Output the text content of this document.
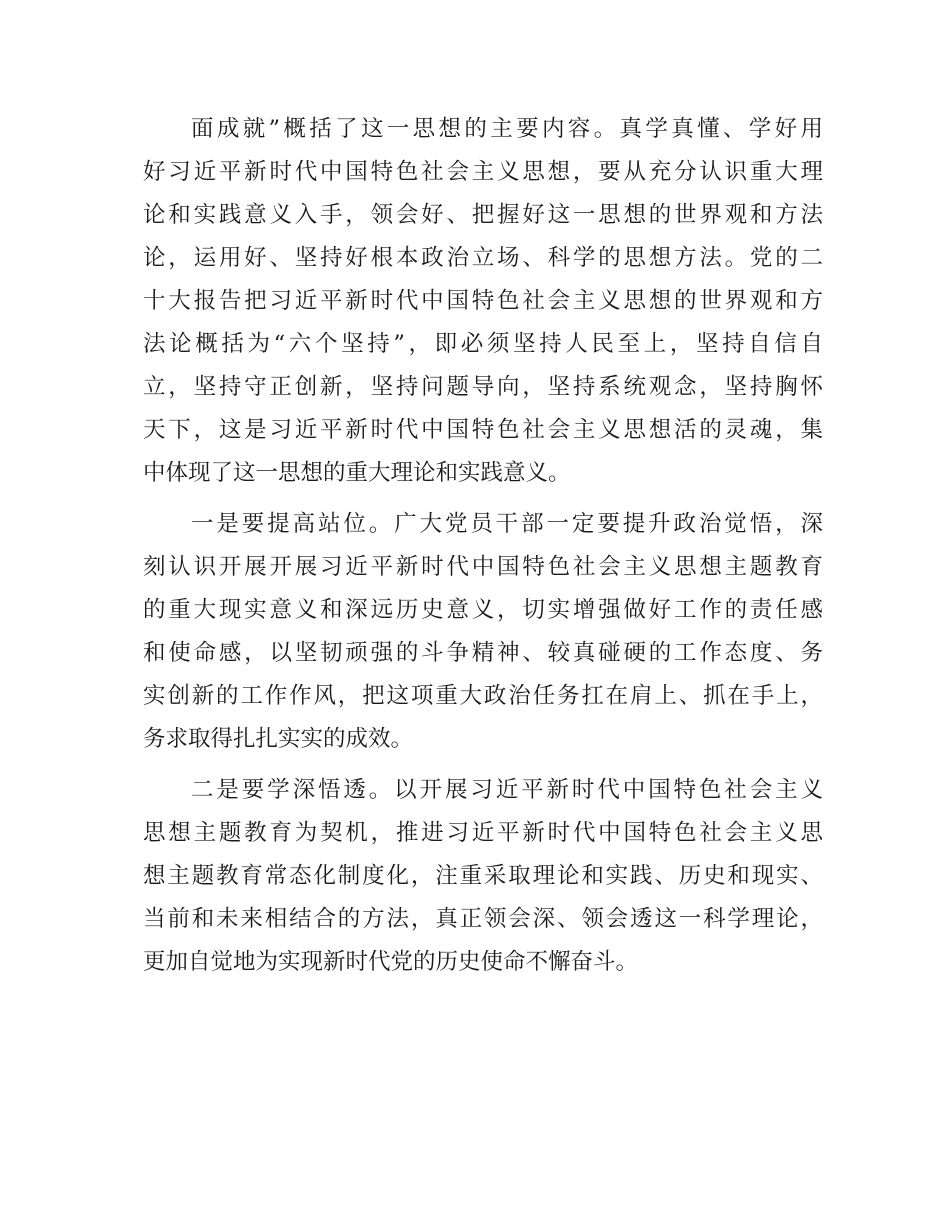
面成就”概括了这一思想的主要内容。真学真懂、学好用
好习近平新时代中国特色社会主义思想，要从充分认识重大理
论和实践意义入手，领会好、把握好这一思想的世界观和方法
论，运用好、坚持好根本政治立场、科学的思想方法。党的二
十大报告把习近平新时代中国特色社会主义思想的世界观和方
法论概括为“六个坚持”，即必须坚持人民至上，坚持自信自
立，坚持守正创新，坚持问题导向，坚持系统观念，坚持胸怀
天下，这是习近平新时代中国特色社会主义思想活的灵魂，集
中体现了这一思想的重大理论和实践意义。
一是要提高站位。广大党员干部一定要提升政治觉悟，深
刻认识开展开展习近平新时代中国特色社会主义思想主题教育
的重大现实意义和深远历史意义，切实增强做好工作的责任感
和使命感，以坚韧顽强的斗争精神、较真碰硬的工作态度、务
实创新的工作作风，把这项重大政治任务扛在肩上、抓在手上，
务求取得扎扎实实的成效。
二是要学深悟透。以开展习近平新时代中国特色社会主义
思想主题教育为契机，推进习近平新时代中国特色社会主义思
想主题教育常态化制度化，注重采取理论和实践、历史和现实、
当前和未来相结合的方法，真正领会深、领会透这一科学理论，
更加自觉地为实现新时代党的历史使命不懈奋斗。
